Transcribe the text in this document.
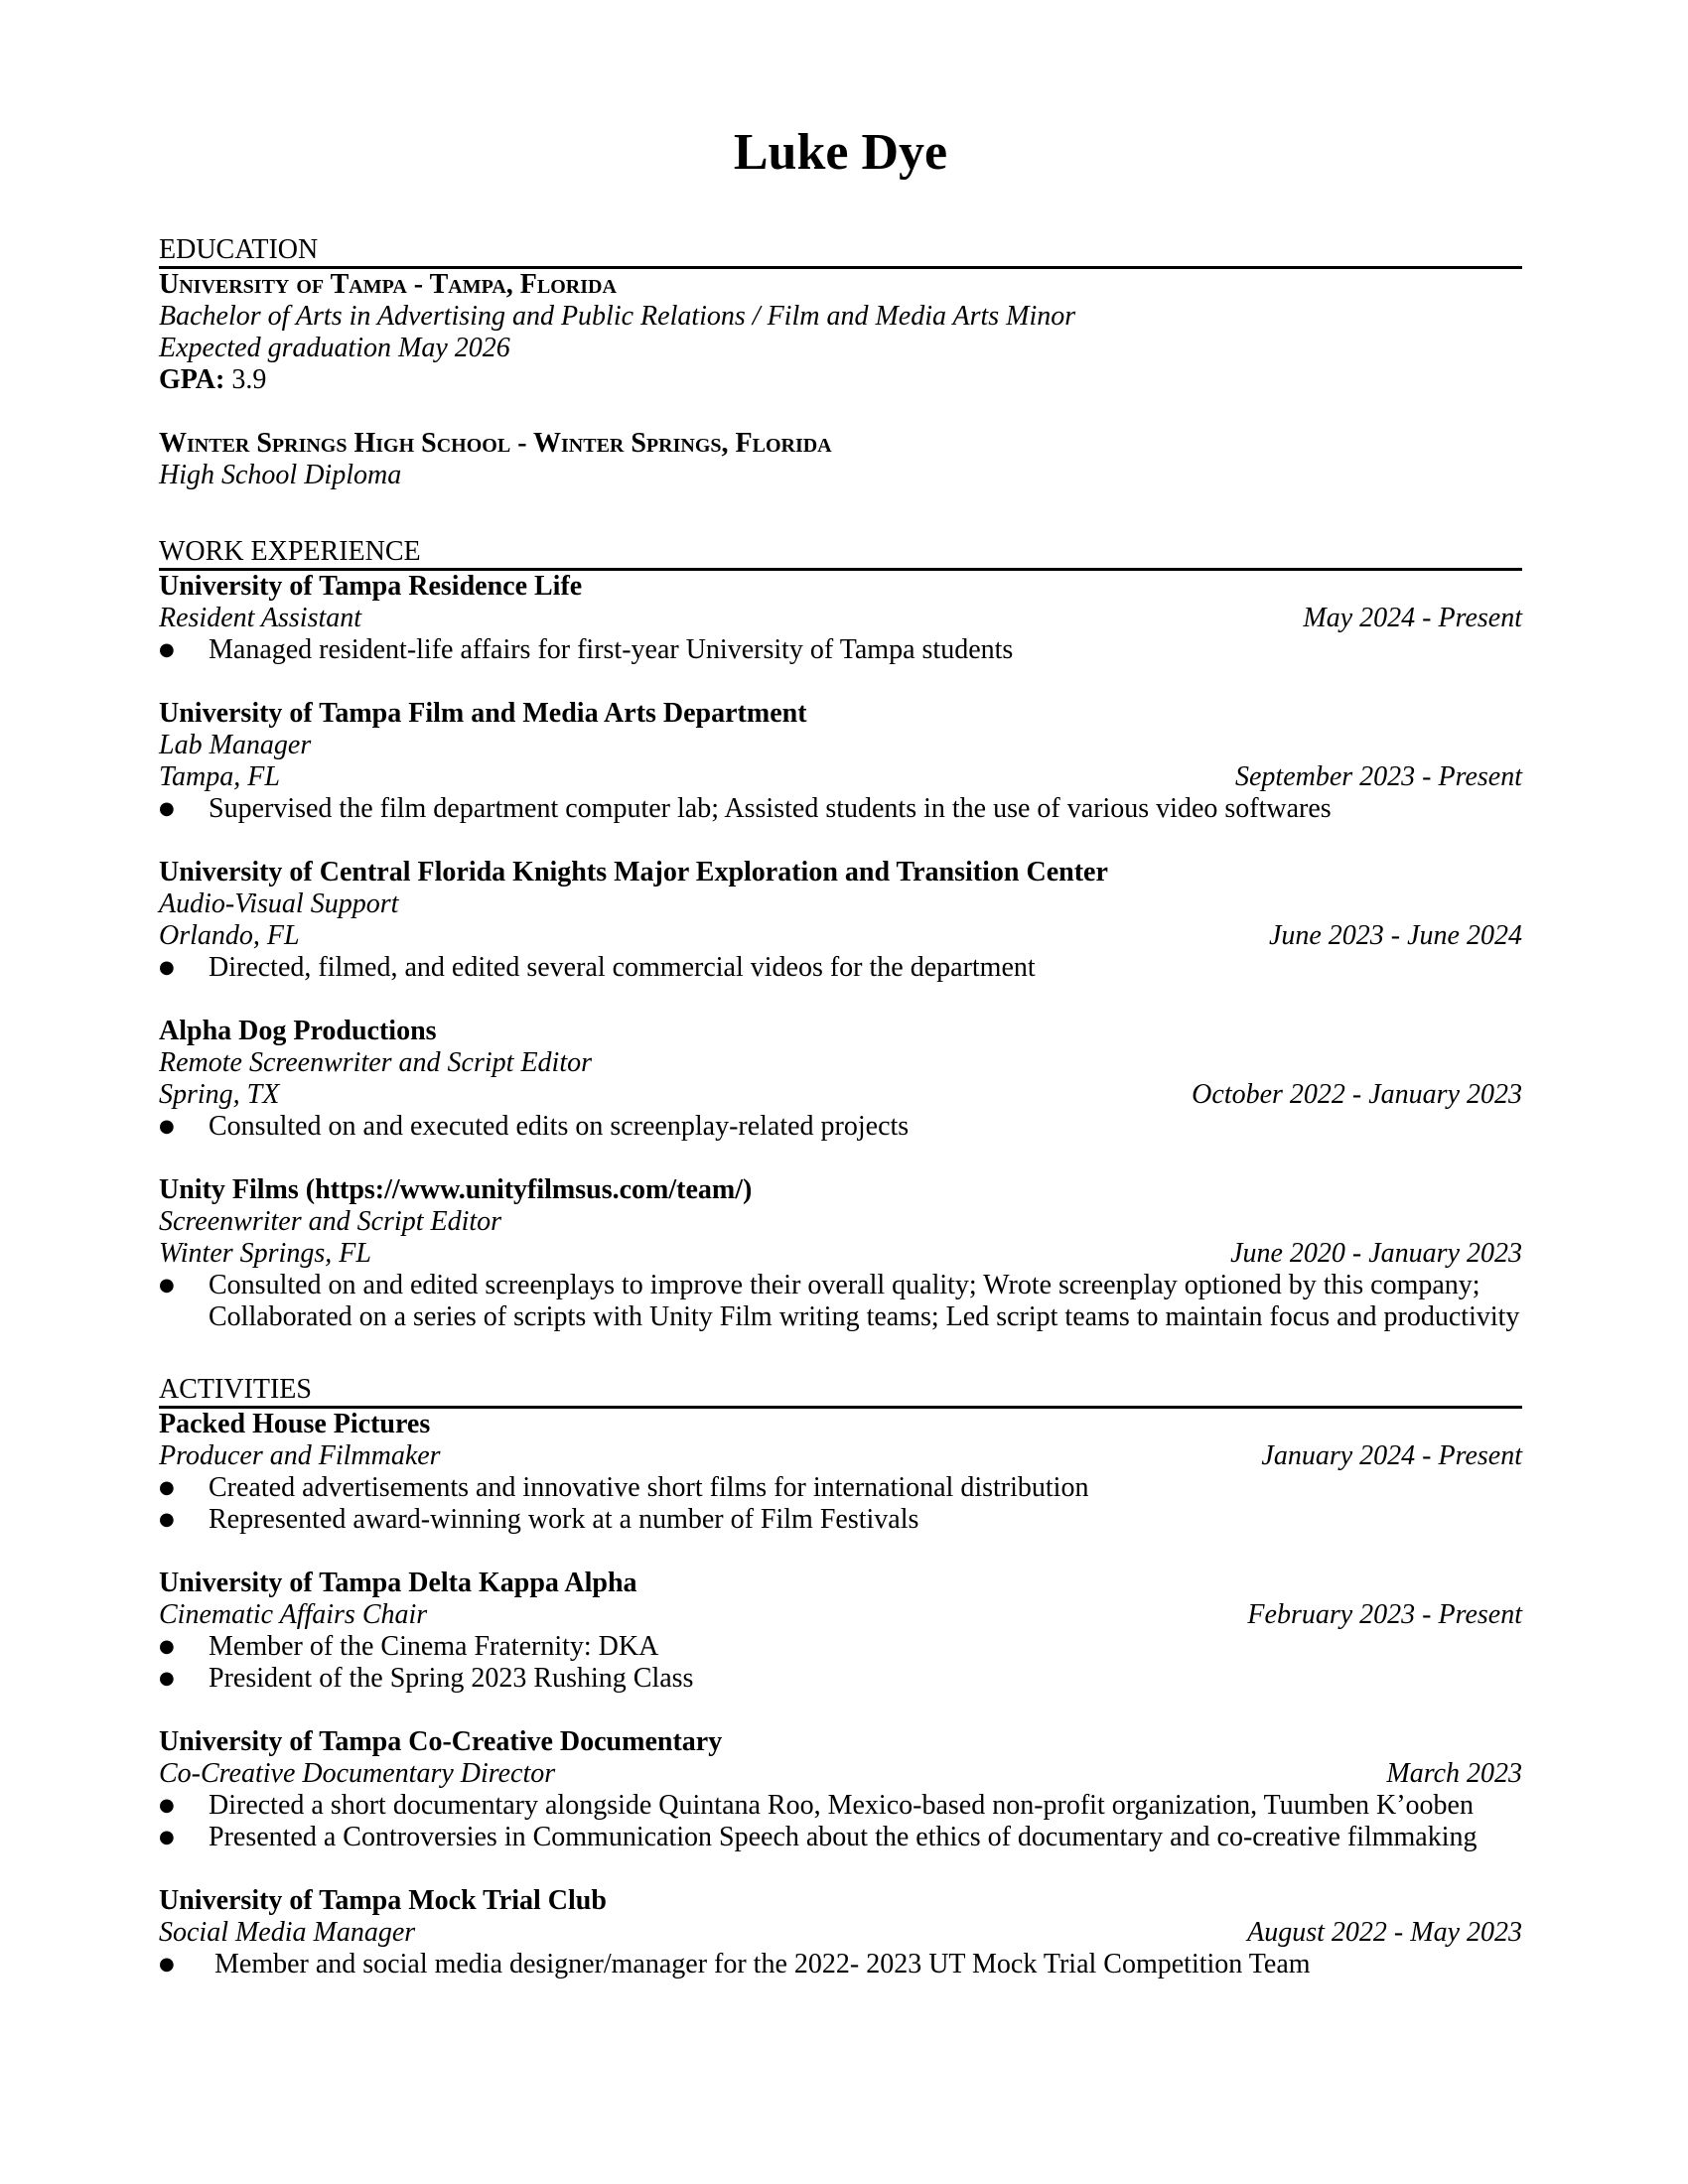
Luke Dye
EDUCATION
University of Tampa - Tampa, Florida
Bachelor of Arts in Advertising and Public Relations / Film and Media Arts Minor
Expected graduation May 2026
GPA: 3.9
Winter Springs High School - Winter Springs, Florida
High School Diploma
WORK EXPERIENCE
University of Tampa Residence Life
Resident Assistant	May 2024 - Present
● Managed resident-life affairs for first-year University of Tampa students
University of Tampa Film and Media Arts Department
Lab Manager
Tampa, FL	September 2023 - Present
● Supervised the film department computer lab; Assisted students in the use of various video softwares
University of Central Florida Knights Major Exploration and Transition Center
Audio-Visual Support
Orlando, FL	June 2023 - June 2024
● Directed, filmed, and edited several commercial videos for the department
Alpha Dog Productions
Remote Screenwriter and Script Editor
Spring, TX	October 2022 - January 2023
● Consulted on and executed edits on screenplay-related projects
Unity Films (https://www.unityfilmsus.com/team/)
Screenwriter and Script Editor
Winter Springs, FL	June 2020 - January 2023
● Consulted on and edited screenplays to improve their overall quality; Wrote screenplay optioned by this company;
Collaborated on a series of scripts with Unity Film writing teams; Led script teams to maintain focus and productivity
ACTIVITIES
Packed House Pictures
Producer and Filmmaker	January 2024 - Present
● Created advertisements and innovative short films for international distribution
● Represented award-winning work at a number of Film Festivals
University of Tampa Delta Kappa Alpha
Cinematic Affairs Chair	February 2023 - Present
● Member of the Cinema Fraternity: DKA
● President of the Spring 2023 Rushing Class
University of Tampa Co-Creative Documentary
Co-Creative Documentary Director	March 2023
● Directed a short documentary alongside Quintana Roo, Mexico-based non-profit organization, Tuumben K’ooben
● Presented a Controversies in Communication Speech about the ethics of documentary and co-creative filmmaking
University of Tampa Mock Trial Club
Social Media Manager	August 2022 - May 2023
● Member and social media designer/manager for the 2022- 2023 UT Mock Trial Competition Team
